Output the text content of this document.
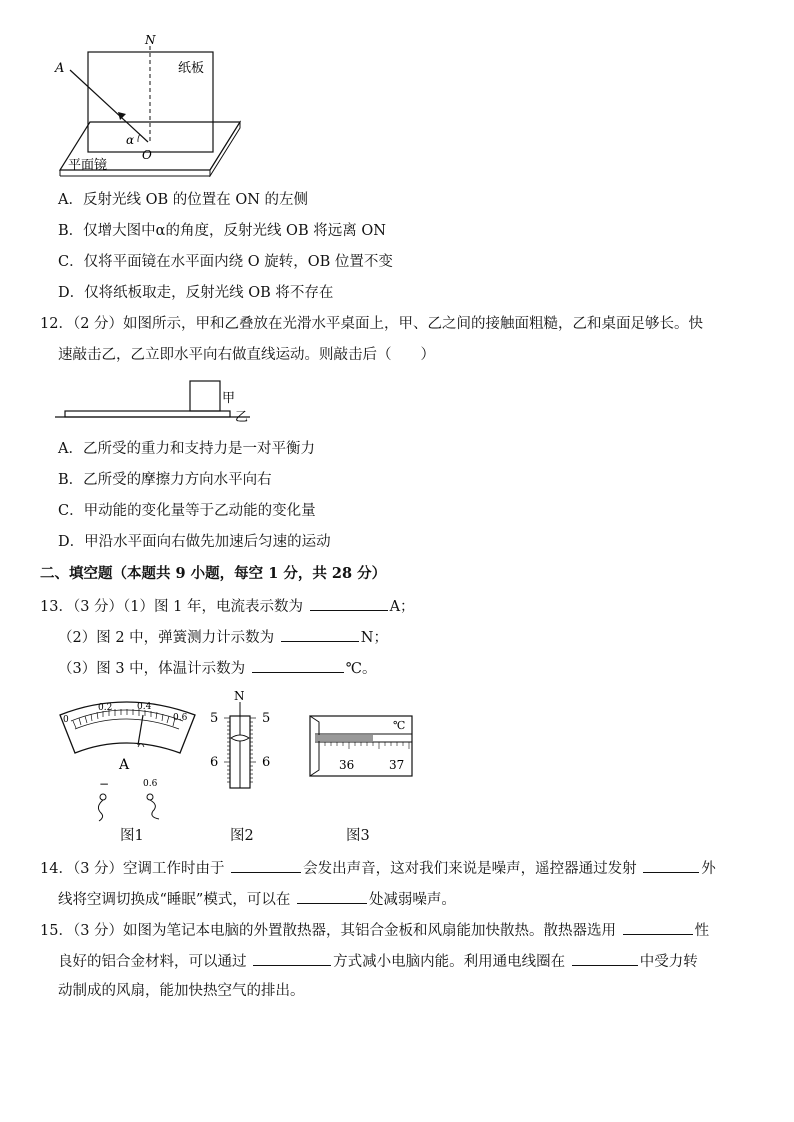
A
N
O
α
纸板
平面镜
A．反射光线 OB 的位置在 ON 的左侧
B．仅增大图中α的角度，反射光线 OB 将远离 ON
C．仅将平面镜在水平面内绕 O 旋转，OB 位置不变
D．仅将纸板取走，反射光线 OB 将不存在
12．（2 分）如图所示，甲和乙叠放在光滑水平桌面上，甲、乙之间的接触面粗糙，乙和桌面足够长。快
速敲击乙，乙立即水平向右做直线运动。则敲击后（　　）
甲
乙
A．乙所受的重力和支持力是一对平衡力
B．乙所受的摩擦力方向水平向右
C．甲动能的变化量等于乙动能的变化量
D．甲沿水平面向右做先加速后匀速的运动
二、填空题（本题共 9 小题，每空 1 分，共 28 分）
13．（3 分）（1）图 1 年，电流表示数为	A；
（2）图 2 中，弹簧测力计示数为	N；
（3）图 3 中，体温计示数为	℃。
0
0.2	0.4
0.6
A
−	0.6
图1
N
5
6
5
6
图2
℃
36	37
图3
14．（3 分）空调工作时由于	会发出声音，这对我们来说是噪声，遥控器通过发射	外
线将空调切换成“睡眠”模式，可以在	处减弱噪声。
15．（3 分）如图为笔记本电脑的外置散热器，其铝合金板和风扇能加快散热。散热器选用	性
良好的铝合金材料，可以通过	方式减小电脑内能。利用通电线圈在	中受力转
动制成的风扇，能加快热空气的排出。
